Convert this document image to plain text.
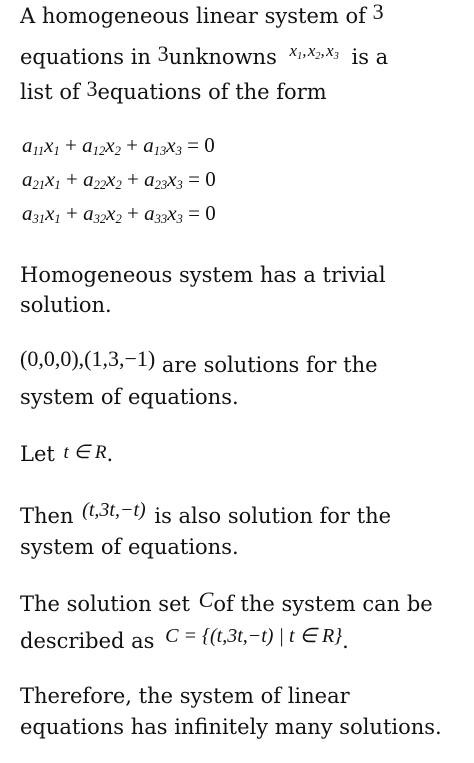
A homogeneous linear system of 3
equations in 3unknowns $^{x_1, x_2, x_3}$ is a
list of 3equations of the form
$a_{11}x_1 + a_{12}x_2 + a_{13}x_3 = 0$
$a_{21}x_1 + a_{22}x_2 + a_{23}x_3 = 0$
$a_{31}x_1 + a_{32}x_2 + a_{33}x_3 = 0$
Homogeneous system has a trivial
solution.
(0,0,0),(1,3,−1) are solutions for the
system of equations.
Let t ∈ R.
Then (t,3t,−t) is also solution for the
system of equations.
The solution set Cof the system can be
described as C = {(t,3t,−t) | t ∈ R}.
Therefore, the system of linear
equations has infinitely many solutions.
